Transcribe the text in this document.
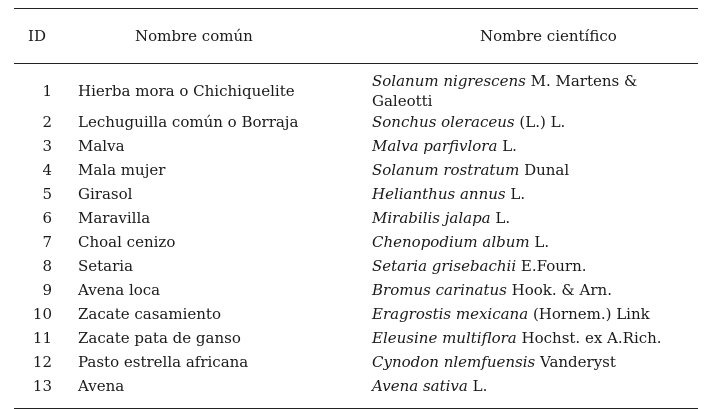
ID	Nombre común	Nombre científico
1	Hierba mora o Chichiquelite	Solanum nigrescens M. Martens & Galeotti
2	Lechuguilla común o Borraja	Sonchus oleraceus (L.) L.
3	Malva	Malva parfivlora L.
4	Mala mujer	Solanum rostratum Dunal
5	Girasol	Helianthus annus L.
6	Maravilla	Mirabilis jalapa L.
7	Choal cenizo	Chenopodium album L.
8	Setaria	Setaria grisebachii E.Fourn.
9	Avena loca	Bromus carinatus Hook. & Arn.
10	Zacate casamiento	Eragrostis mexicana (Hornem.) Link
11	Zacate pata de ganso	Eleusine multiflora Hochst. ex A.Rich.
12	Pasto estrella africana	Cynodon nlemfuensis Vanderyst
13	Avena	Avena sativa L.
